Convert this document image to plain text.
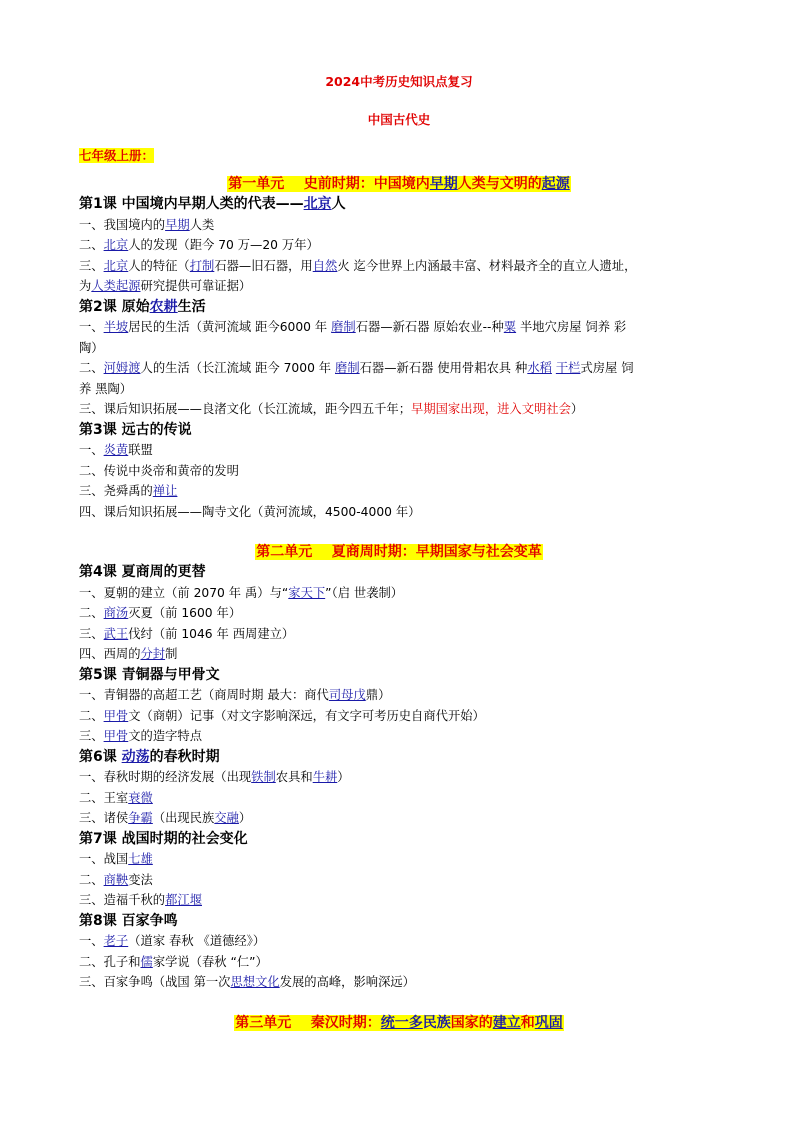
2024中考历史知识点复习
中国古代史
七年级上册：
第一单元 史前时期：中国境内早期人类与文明的起源
第1课 中国境内早期人类的代表——北京人
一、我国境内的早期人类
二、北京人的发现（距今 70 万—20 万年）
三、北京人的特征（打制石器—旧石器，用自然火 迄今世界上内涵最丰富、材料最齐全的直立人遗址，
为人类起源研究提供可靠证据）
第2课 原始农耕生活
一、半坡居民的生活（黄河流域 距今6000 年 磨制石器—新石器 原始农业--种粟 半地穴房屋 饲养 彩
陶）
二、河姆渡人的生活（长江流域 距今 7000 年 磨制石器—新石器 使用骨耜农具 种水稻 干栏式房屋 饲
养 黑陶）
三、课后知识拓展——良渚文化（长江流域，距今四五千年；早期国家出现，进入文明社会）
第3课 远古的传说
一、炎黄联盟
二、传说中炎帝和黄帝的发明
三、尧舜禹的禅让
四、课后知识拓展——陶寺文化（黄河流域，4500-4000 年）
第二单元 夏商周时期：早期国家与社会变革
第4课 夏商周的更替
一、夏朝的建立（前 2070 年 禹）与“家天下”（启 世袭制）
二、商汤灭夏（前 1600 年）
三、武王伐纣（前 1046 年 西周建立）
四、西周的分封制
第5课 青铜器与甲骨文
一、青铜器的高超工艺（商周时期 最大：商代司母戊鼎）
二、甲骨文（商朝）记事（对文字影响深远，有文字可考历史自商代开始）
三、甲骨文的造字特点
第6课 动荡的春秋时期
一、春秋时期的经济发展（出现铁制农具和牛耕）
二、王室衰微
三、诸侯争霸（出现民族交融）
第7课 战国时期的社会变化
一、战国七雄
二、商鞅变法
三、造福千秋的都江堰
第8课 百家争鸣
一、老子（道家 春秋 《道德经》）
二、孔子和儒家学说（春秋 “仁”）
三、百家争鸣（战国 第一次思想文化发展的高峰，影响深远）
第三单元 秦汉时期：统一多民族国家的建立和巩固
